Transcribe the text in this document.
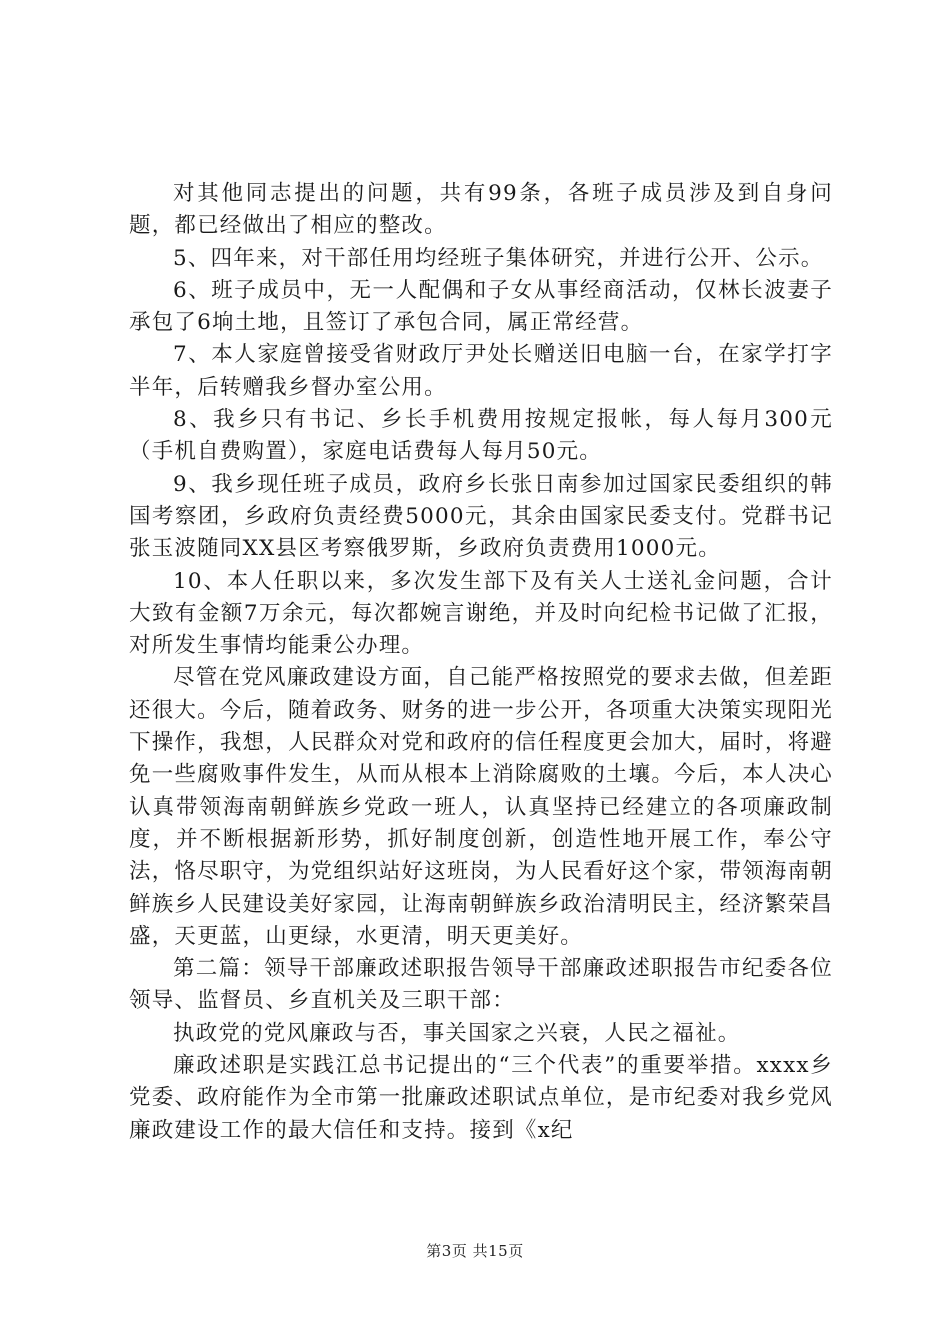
对其他同志提出的问题，共有99条，各班子成员涉及到自身问题，都已经做出了相应的整改。

5、四年来，对干部任用均经班子集体研究，并进行公开、公示。

6、班子成员中，无一人配偶和子女从事经商活动，仅林长波妻子承包了6垧土地，且签订了承包合同，属正常经营。

7、本人家庭曾接受省财政厅尹处长赠送旧电脑一台，在家学打字半年，后转赠我乡督办室公用。

8、我乡只有书记、乡长手机费用按规定报帐，每人每月300元（手机自费购置），家庭电话费每人每月50元。

9、我乡现任班子成员，政府乡长张日南参加过国家民委组织的韩国考察团，乡政府负责经费5000元，其余由国家民委支付。党群书记张玉波随同XX县区考察俄罗斯，乡政府负责费用1000元。

10、本人任职以来，多次发生部下及有关人士送礼金问题，合计大致有金额7万余元，每次都婉言谢绝，并及时向纪检书记做了汇报，对所发生事情均能秉公办理。

尽管在党风廉政建设方面，自己能严格按照党的要求去做，但差距还很大。今后，随着政务、财务的进一步公开，各项重大决策实现阳光下操作，我想，人民群众对党和政府的信任程度更会加大，届时，将避免一些腐败事件发生，从而从根本上消除腐败的土壤。今后，本人决心认真带领海南朝鲜族乡党政一班人，认真坚持已经建立的各项廉政制度，并不断根据新形势，抓好制度创新，创造性地开展工作，奉公守法，恪尽职守，为党组织站好这班岗，为人民看好这个家，带领海南朝鲜族乡人民建设美好家园，让海南朝鲜族乡政治清明民主，经济繁荣昌盛，天更蓝，山更绿，水更清，明天更美好。

第二篇：领导干部廉政述职报告领导干部廉政述职报告市纪委各位领导、监督员、乡直机关及三职干部：

执政党的党风廉政与否，事关国家之兴衰，人民之福祉。

廉政述职是实践江总书记提出的“三个代表”的重要举措。xxxx乡党委、政府能作为全市第一批廉政述职试点单位，是市纪委对我乡党风廉政建设工作的最大信任和支持。接到《x纪

第3页 共15页
